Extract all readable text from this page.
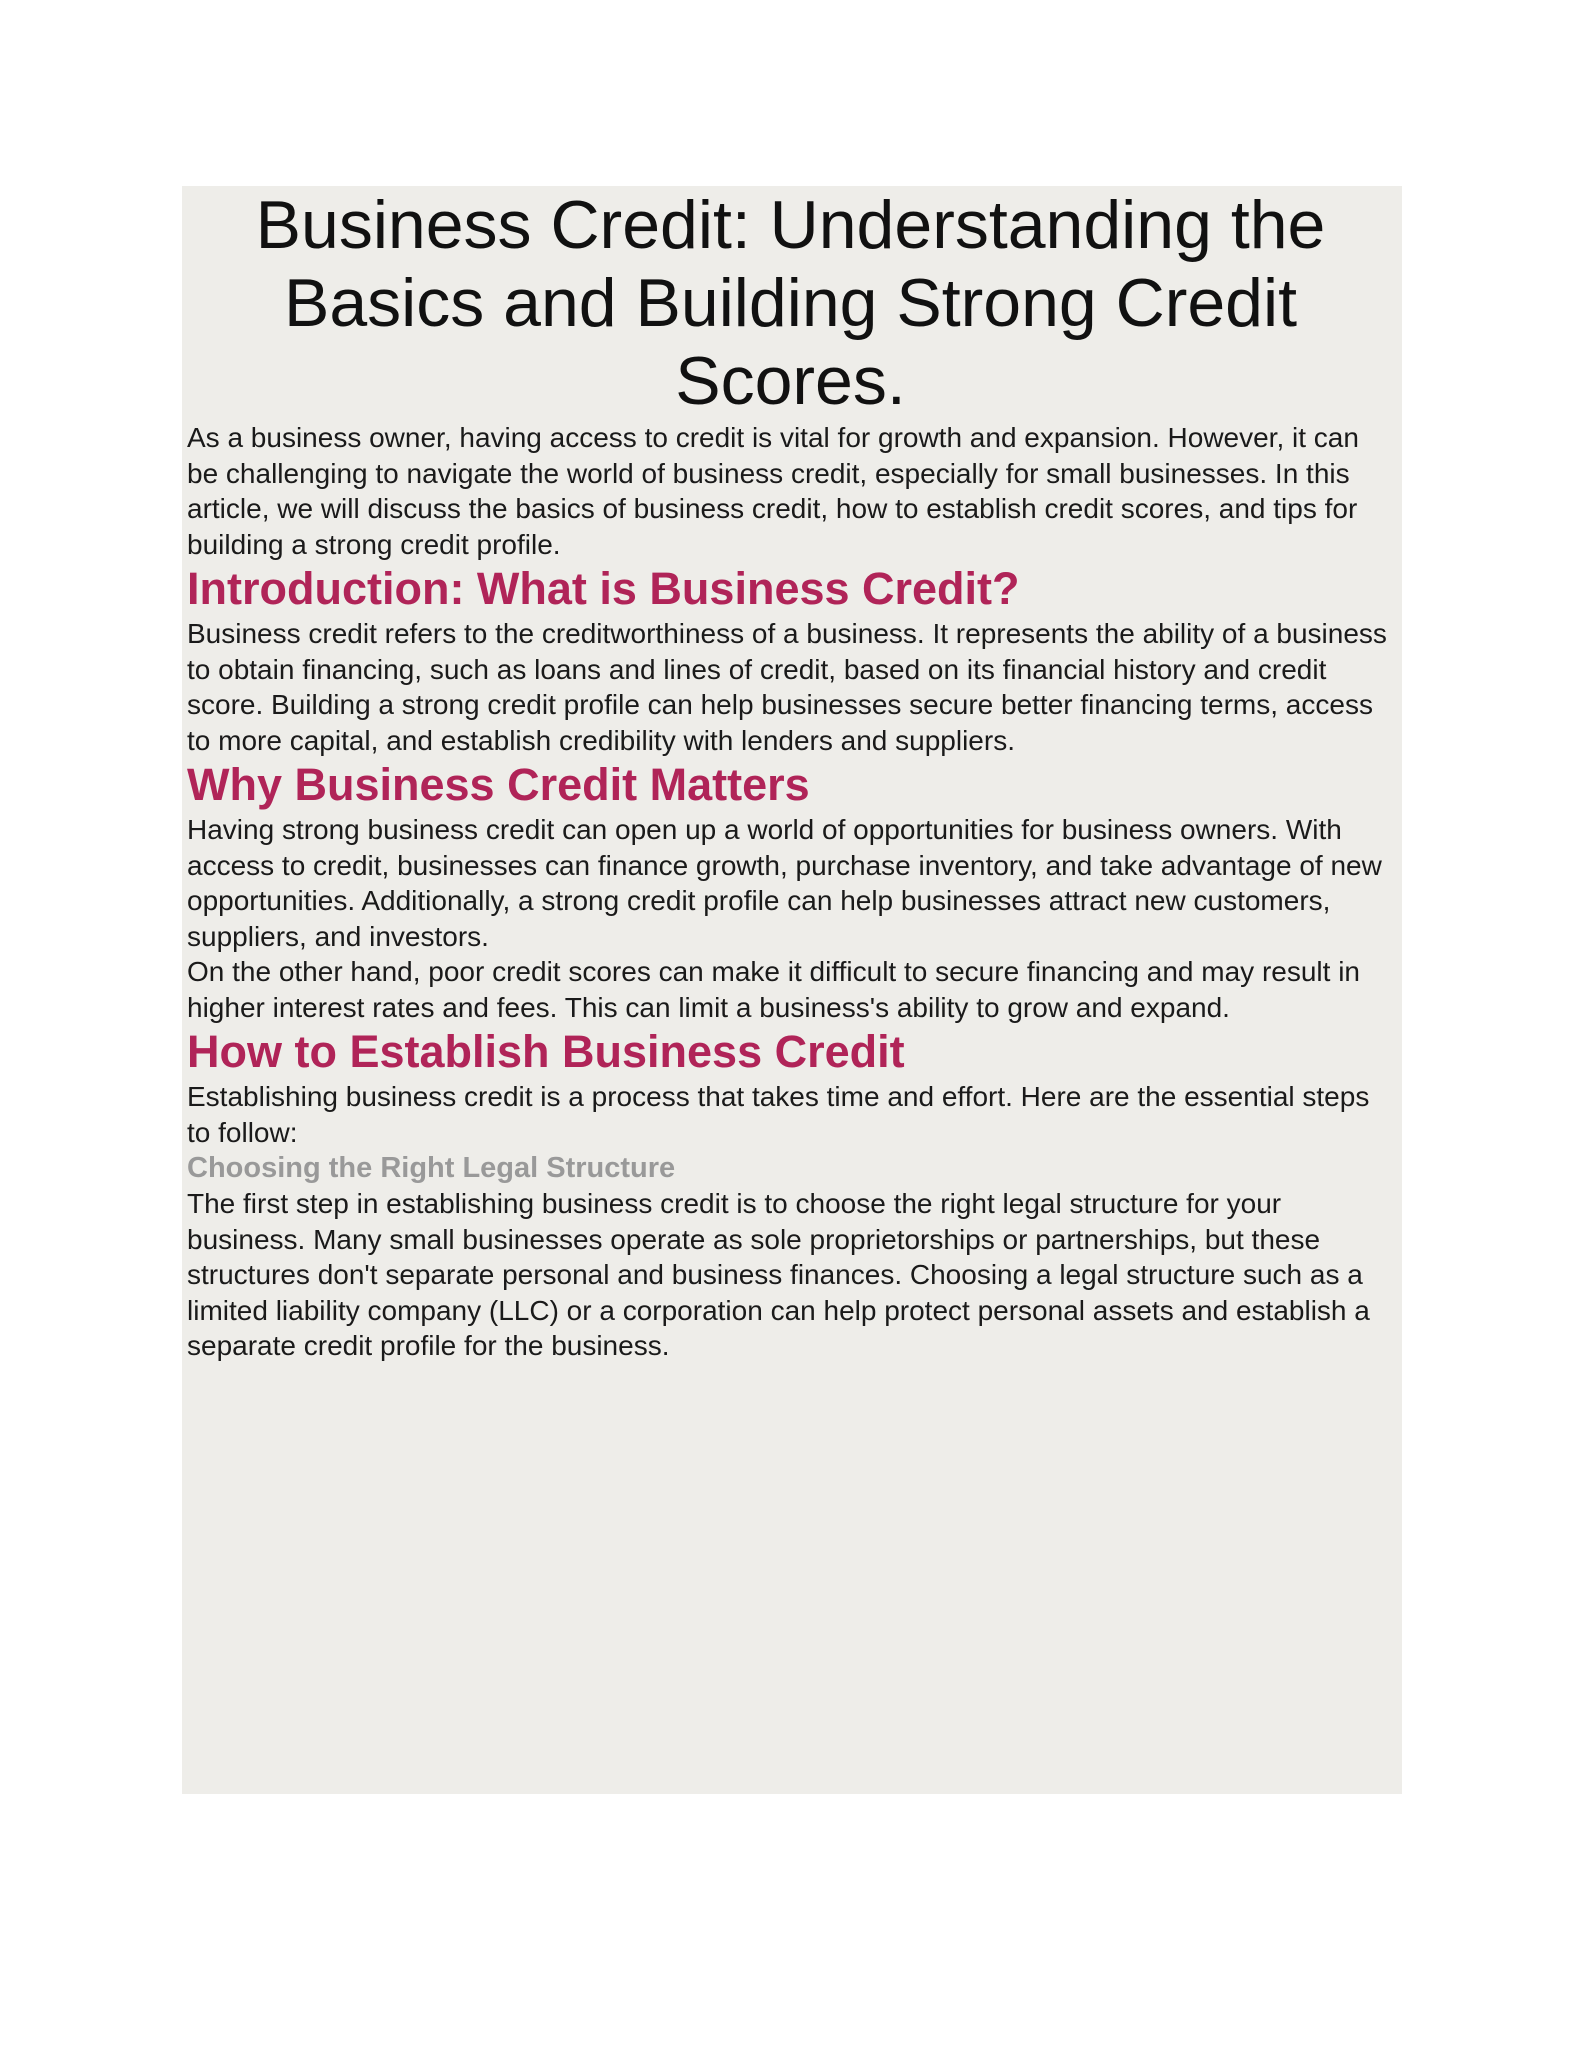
Business Credit: Understanding the Basics and Building Strong Credit Scores.

As a business owner, having access to credit is vital for growth and expansion. However, it can be challenging to navigate the world of business credit, especially for small businesses. In this article, we will discuss the basics of business credit, how to establish credit scores, and tips for building a strong credit profile.

Introduction: What is Business Credit?

Business credit refers to the creditworthiness of a business. It represents the ability of a business to obtain financing, such as loans and lines of credit, based on its financial history and credit score. Building a strong credit profile can help businesses secure better financing terms, access to more capital, and establish credibility with lenders and suppliers.

Why Business Credit Matters

Having strong business credit can open up a world of opportunities for business owners. With access to credit, businesses can finance growth, purchase inventory, and take advantage of new opportunities. Additionally, a strong credit profile can help businesses attract new customers, suppliers, and investors.

On the other hand, poor credit scores can make it difficult to secure financing and may result in higher interest rates and fees. This can limit a business's ability to grow and expand.

How to Establish Business Credit

Establishing business credit is a process that takes time and effort. Here are the essential steps to follow:

Choosing the Right Legal Structure

The first step in establishing business credit is to choose the right legal structure for your business. Many small businesses operate as sole proprietorships or partnerships, but these structures don't separate personal and business finances. Choosing a legal structure such as a limited liability company (LLC) or a corporation can help protect personal assets and establish a separate credit profile for the business.
